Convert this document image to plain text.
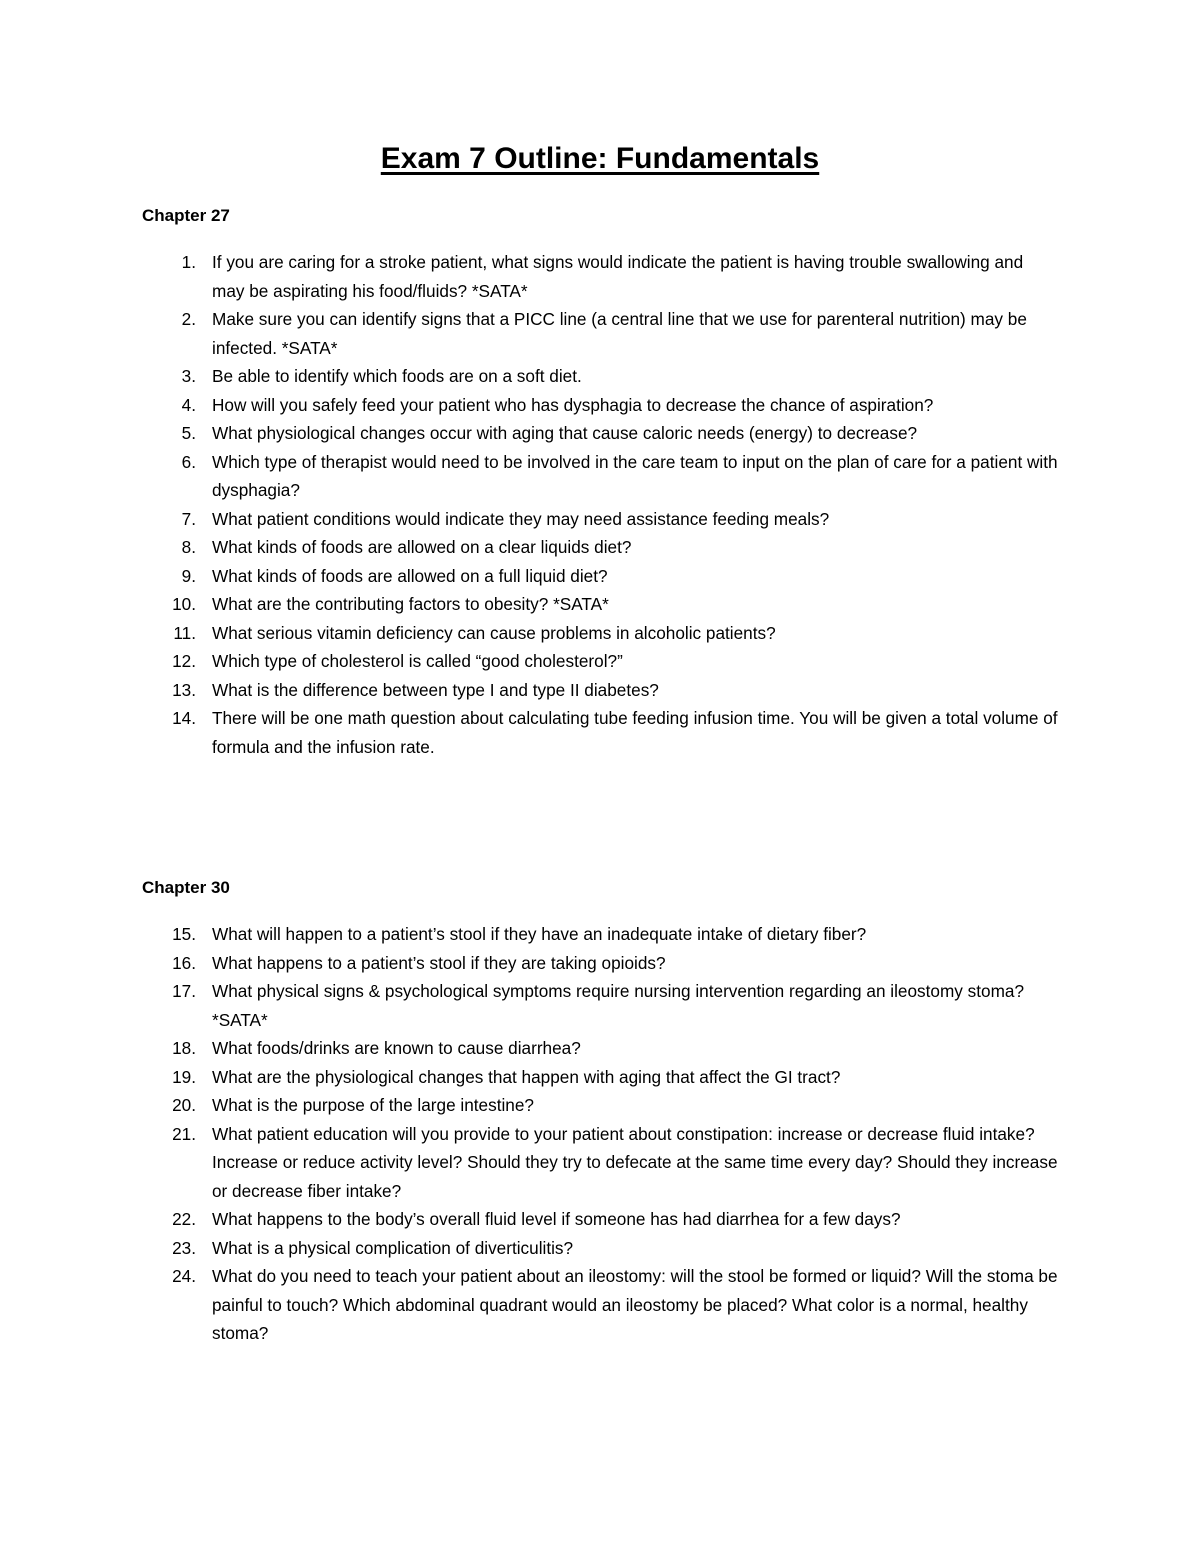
Exam 7 Outline: Fundamentals
Chapter 27
1. If you are caring for a stroke patient, what signs would indicate the patient is having trouble swallowing and may be aspirating his food/fluids? *SATA*
2. Make sure you can identify signs that a PICC line (a central line that we use for parenteral nutrition) may be infected. *SATA*
3. Be able to identify which foods are on a soft diet.
4. How will you safely feed your patient who has dysphagia to decrease the chance of aspiration?
5. What physiological changes occur with aging that cause caloric needs (energy) to decrease?
6. Which type of therapist would need to be involved in the care team to input on the plan of care for a patient with dysphagia?
7. What patient conditions would indicate they may need assistance feeding meals?
8. What kinds of foods are allowed on a clear liquids diet?
9. What kinds of foods are allowed on a full liquid diet?
10. What are the contributing factors to obesity? *SATA*
11. What serious vitamin deficiency can cause problems in alcoholic patients?
12. Which type of cholesterol is called “good cholesterol?”
13. What is the difference between type I and type II diabetes?
14. There will be one math question about calculating tube feeding infusion time. You will be given a total volume of formula and the infusion rate.
Chapter 30
15. What will happen to a patient’s stool if they have an inadequate intake of dietary fiber?
16. What happens to a patient’s stool if they are taking opioids?
17. What physical signs & psychological symptoms require nursing intervention regarding an ileostomy stoma? *SATA*
18. What foods/drinks are known to cause diarrhea?
19. What are the physiological changes that happen with aging that affect the GI tract?
20. What is the purpose of the large intestine?
21. What patient education will you provide to your patient about constipation: increase or decrease fluid intake? Increase or reduce activity level? Should they try to defecate at the same time every day? Should they increase or decrease fiber intake?
22. What happens to the body’s overall fluid level if someone has had diarrhea for a few days?
23. What is a physical complication of diverticulitis?
24. What do you need to teach your patient about an ileostomy: will the stool be formed or liquid? Will the stoma be painful to touch? Which abdominal quadrant would an ileostomy be placed? What color is a normal, healthy stoma?
